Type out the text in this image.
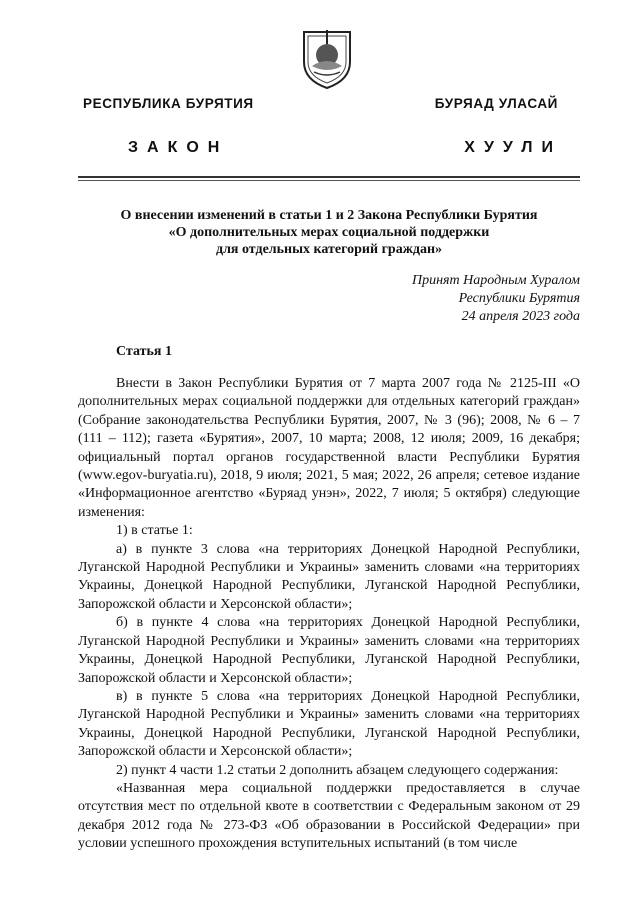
РЕСПУБЛИКА БУРЯТИЯ	БУРЯАД УЛАСАЙ
ЗАКОН	ХУУЛИ
О внесении изменений в статьи 1 и 2 Закона Республики Бурятия
«О дополнительных мерах социальной поддержки
для отдельных категорий граждан»
Принят Народным Хуралом
Республики Бурятия
24 апреля 2023 года
Статья 1

Внести в Закон Республики Бурятия от 7 марта 2007 года № 2125-III «О дополнительных мерах социальной поддержки для отдельных категорий граждан» (Собрание законодательства Республики Бурятия, 2007, № 3 (96); 2008, № 6 – 7 (111 – 112); газета «Бурятия», 2007, 10 марта; 2008, 12 июля; 2009, 16 декабря; официальный портал органов государственной власти Республики Бурятия (www.egov-buryatia.ru), 2018, 9 июля; 2021, 5 мая; 2022, 26 апреля; сетевое издание «Информационное агентство «Буряад унэн», 2022, 7 июля; 5 октября) следующие изменения:

1) в статье 1:

а) в пункте 3 слова «на территориях Донецкой Народной Республики, Луганской Народной Республики и Украины» заменить словами «на территориях Украины, Донецкой Народной Республики, Луганской Народной Республики, Запорожской области и Херсонской области»;

б) в пункте 4 слова «на территориях Донецкой Народной Республики, Луганской Народной Республики и Украины» заменить словами «на территориях Украины, Донецкой Народной Республики, Луганской Народной Республики, Запорожской области и Херсонской области»;

в) в пункте 5 слова «на территориях Донецкой Народной Республики, Луганской Народной Республики и Украины» заменить словами «на территориях Украины, Донецкой Народной Республики, Луганской Народной Республики, Запорожской области и Херсонской области»;

2) пункт 4 части 1.2 статьи 2 дополнить абзацем следующего содержания:

«Названная мера социальной поддержки предоставляется в случае отсутствия мест по отдельной квоте в соответствии с Федеральным законом от 29 декабря 2012 года № 273-ФЗ «Об образовании в Российской Федерации» при условии успешного прохождения вступительных испытаний (в том числе
